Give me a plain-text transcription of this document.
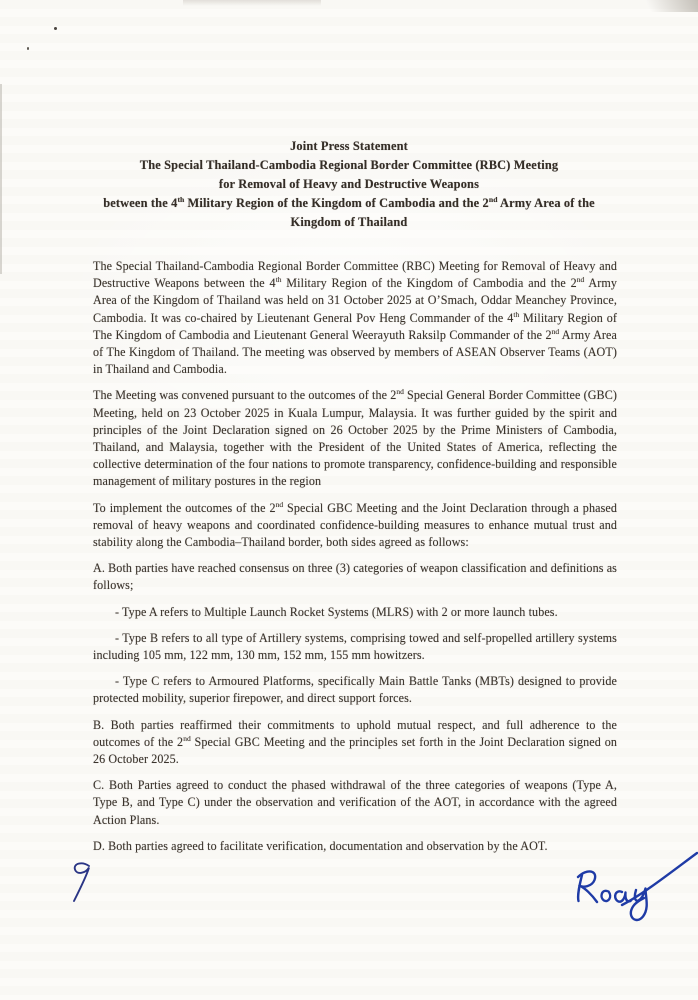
Joint Press Statement
The Special Thailand-Cambodia Regional Border Committee (RBC) Meeting
for Removal of Heavy and Destructive Weapons
between the 4th Military Region of the Kingdom of Cambodia and the 2nd Army Area of the
Kingdom of Thailand

The Special Thailand-Cambodia Regional Border Committee (RBC) Meeting for Removal of Heavy and Destructive Weapons between the 4th Military Region of the Kingdom of Cambodia and the 2nd Army Area of the Kingdom of Thailand was held on 31 October 2025 at O’Smach, Oddar Meanchey Province, Cambodia. It was co-chaired by Lieutenant General Pov Heng Commander of the 4th Military Region of The Kingdom of Cambodia and Lieutenant General Weerayuth Raksilp Commander of the 2nd Army Area of The Kingdom of Thailand. The meeting was observed by members of ASEAN Observer Teams (AOT) in Thailand and Cambodia.

The Meeting was convened pursuant to the outcomes of the 2nd Special General Border Committee (GBC) Meeting, held on 23 October 2025 in Kuala Lumpur, Malaysia. It was further guided by the spirit and principles of the Joint Declaration signed on 26 October 2025 by the Prime Ministers of Cambodia, Thailand, and Malaysia, together with the President of the United States of America, reflecting the collective determination of the four nations to promote transparency, confidence-building and responsible management of military postures in the region

To implement the outcomes of the 2nd Special GBC Meeting and the Joint Declaration through a phased removal of heavy weapons and coordinated confidence-building measures to enhance mutual trust and stability along the Cambodia–Thailand border, both sides agreed as follows:

A. Both parties have reached consensus on three (3) categories of weapon classification and definitions as follows;

- Type A refers to Multiple Launch Rocket Systems (MLRS) with 2 or more launch tubes.

- Type B refers to all type of Artillery systems, comprising towed and self-propelled artillery systems including 105 mm, 122 mm, 130 mm, 152 mm, 155 mm howitzers.

- Type C refers to Armoured Platforms, specifically Main Battle Tanks (MBTs) designed to provide protected mobility, superior firepower, and direct support forces.

B. Both parties reaffirmed their commitments to uphold mutual respect, and full adherence to the outcomes of the 2nd Special GBC Meeting and the principles set forth in the Joint Declaration signed on 26 October 2025.

C. Both Parties agreed to conduct the phased withdrawal of the three categories of weapons (Type A, Type B, and Type C) under the observation and verification of the AOT, in accordance with the agreed Action Plans.

D. Both parties agreed to facilitate verification, documentation and observation by the AOT.
